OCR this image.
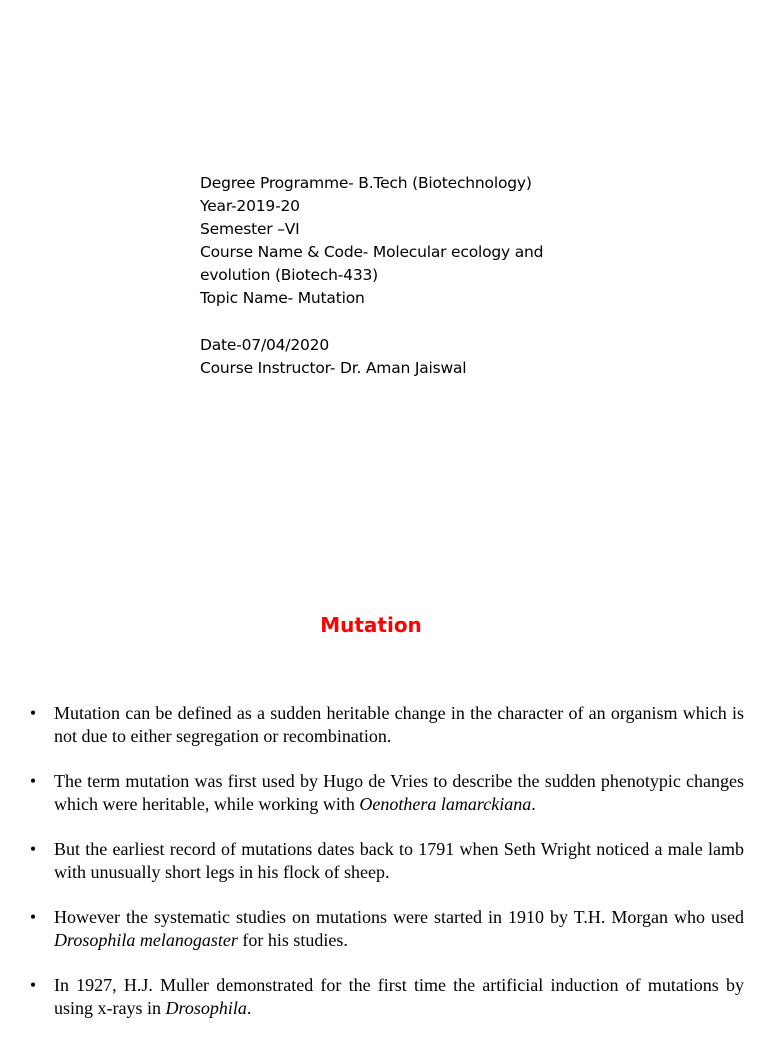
Degree Programme- B.Tech (Biotechnology)
Year-2019-20
Semester –VI
Course Name & Code- Molecular ecology and evolution (Biotech-433)
Topic Name- Mutation
Date-07/04/2020
Course Instructor- Dr. Aman Jaiswal
Mutation
• Mutation can be defined as a sudden heritable change in the character of an organism which is not due to either segregation or recombination.
• The term mutation was first used by Hugo de Vries to describe the sudden phenotypic changes which were heritable, while working with Oenothera lamarckiana.
• But the earliest record of mutations dates back to 1791 when Seth Wright noticed a male lamb with unusually short legs in his flock of sheep.
• However the systematic studies on mutations were started in 1910 by T.H. Morgan who used Drosophila melanogaster for his studies.
• In 1927, H.J. Muller demonstrated for the first time the artificial induction of mutations by using x-rays in Drosophila.
